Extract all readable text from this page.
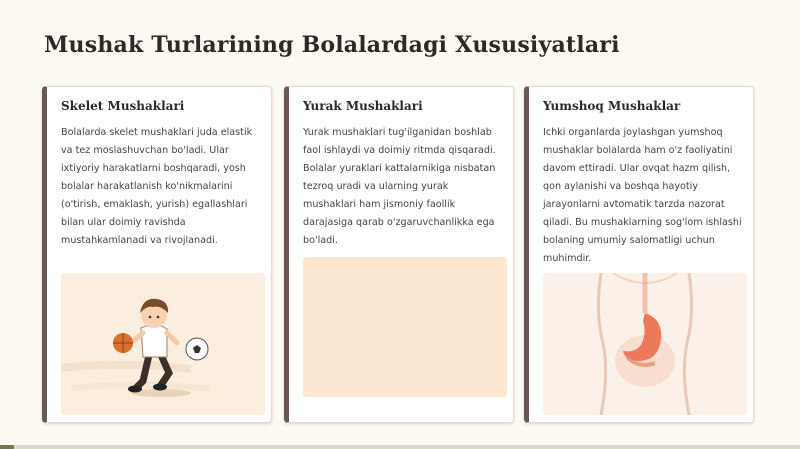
Mushak Turlarining Bolalardagi Xususiyatlari
Skelet Mushaklari
Bolalarda skelet mushaklari juda elastik va tez moslashuvchan bo'ladi. Ular ixtiyoriy harakatlarni boshqaradi, yosh bolalar harakatlanish ko'nikmalarini (o'tirish, emaklash, yurish) egallashlari bilan ular doimiy ravishda mustahkamlanadi va rivojlanadi.
Yurak Mushaklari
Yurak mushaklari tug'ilganidan boshlab faol ishlaydi va doimiy ritmda qisqaradi. Bolalar yuraklari kattalarnikiga nisbatan tezroq uradi va ularning yurak mushaklari ham jismoniy faollik darajasiga qarab o'zgaruvchanlikka ega bo'ladi.
Yumshoq Mushaklar
Ichki organlarda joylashgan yumshoq mushaklar bolalarda ham o'z faoliyatini davom ettiradi. Ular ovqat hazm qilish, qon aylanishi va boshqa hayotiy jarayonlarni avtomatik tarzda nazorat qiladi. Bu mushaklarning sog'lom ishlashi bolaning umumiy salomatligi uchun muhimdir.
